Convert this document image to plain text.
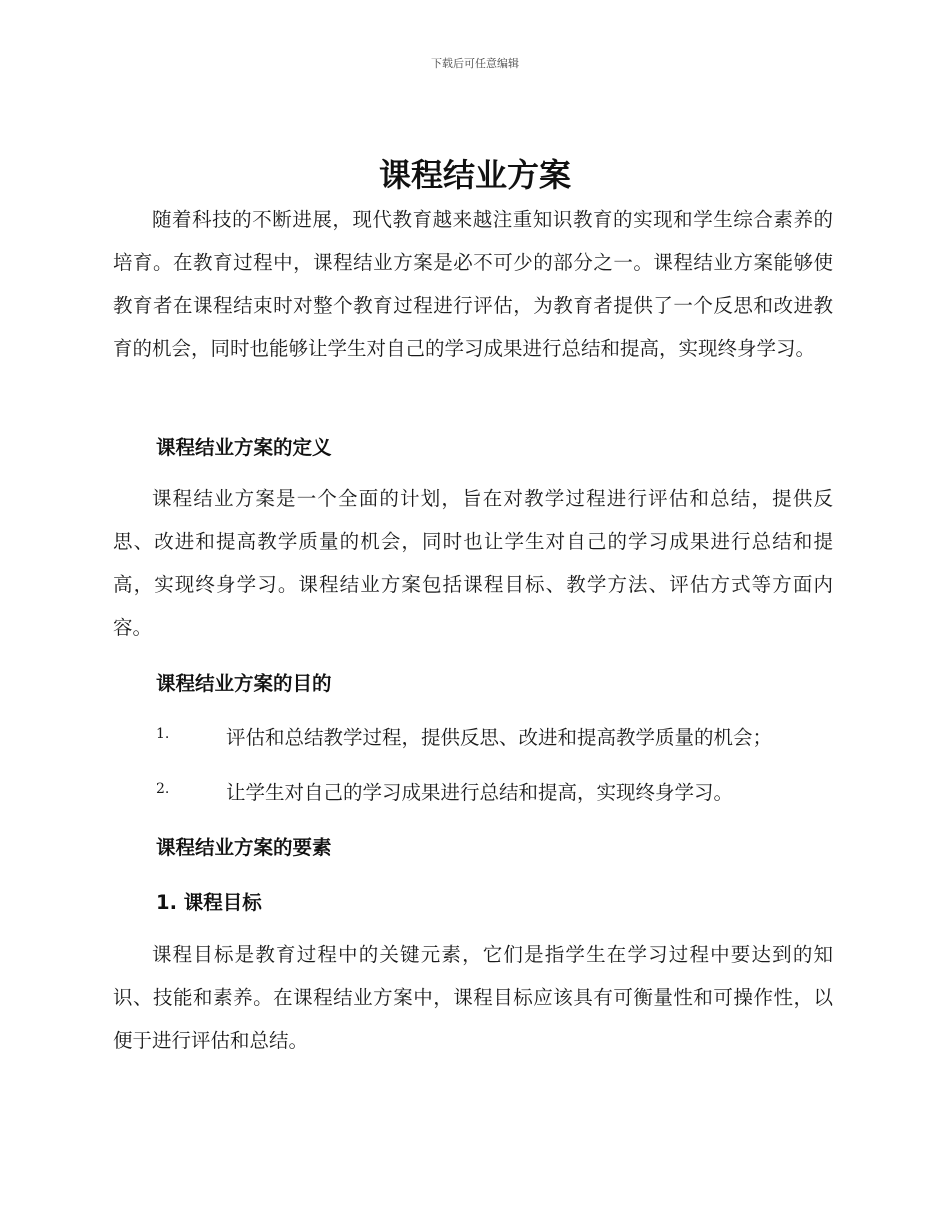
下载后可任意编辑
课程结业方案
随着科技的不断进展，现代教育越来越注重知识教育的实现和学生综合素养的培育。在教育过程中，课程结业方案是必不可少的部分之一。课程结业方案能够使教育者在课程结束时对整个教育过程进行评估，为教育者提供了一个反思和改进教育的机会，同时也能够让学生对自己的学习成果进行总结和提高，实现终身学习。
课程结业方案的定义
课程结业方案是一个全面的计划，旨在对教学过程进行评估和总结，提供反思、改进和提高教学质量的机会，同时也让学生对自己的学习成果进行总结和提高，实现终身学习。课程结业方案包括课程目标、教学方法、评估方式等方面内容。
课程结业方案的目的
1.	评估和总结教学过程，提供反思、改进和提高教学质量的机会；
2.	让学生对自己的学习成果进行总结和提高，实现终身学习。
课程结业方案的要素
1. 课程目标
课程目标是教育过程中的关键元素，它们是指学生在学习过程中要达到的知识、技能和素养。在课程结业方案中，课程目标应该具有可衡量性和可操作性，以便于进行评估和总结。
